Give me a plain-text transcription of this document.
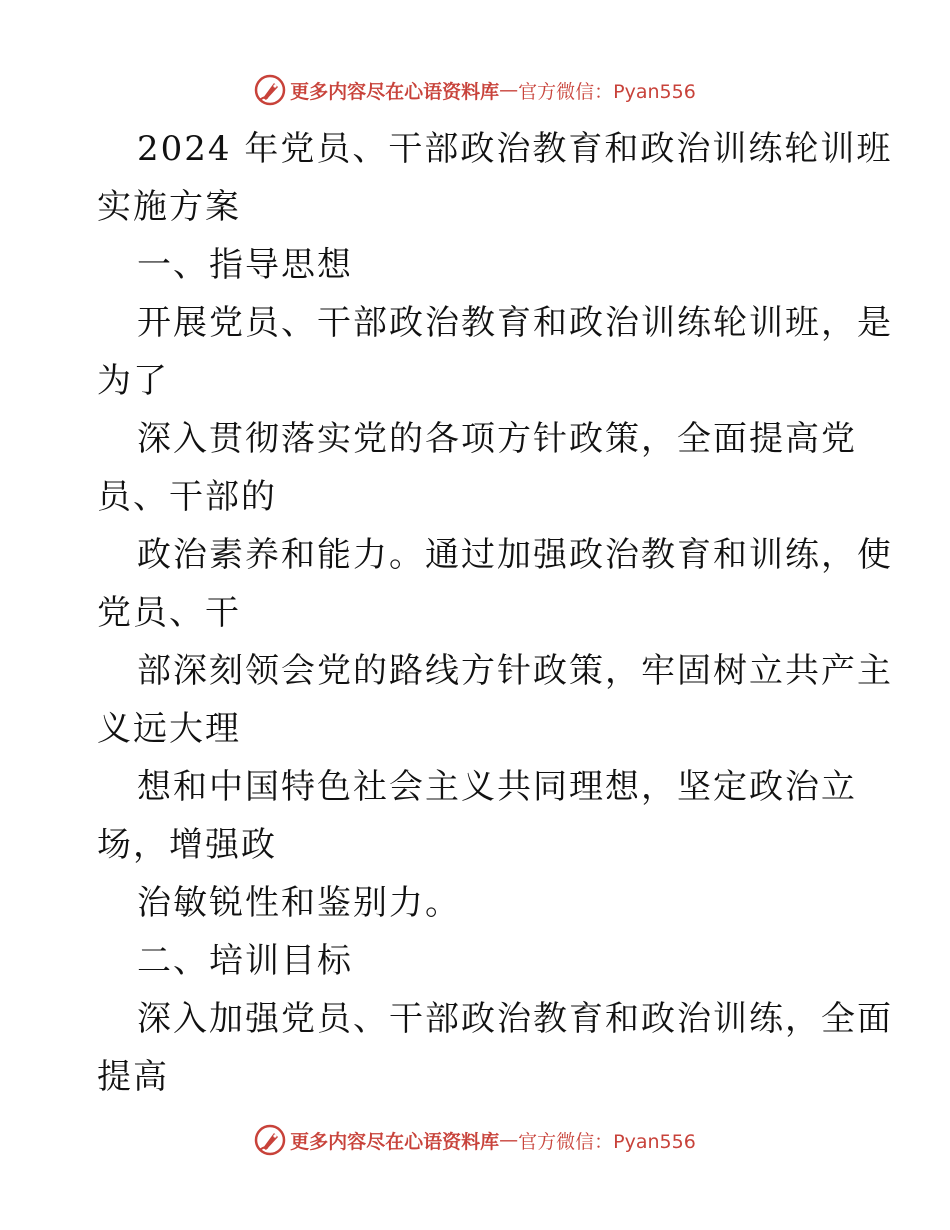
更多内容尽在心语资料库 — 官方微信：Pyan556
2024 年党员、干部政治教育和政治训练轮训班
实施方案
一、指导思想
开展党员、干部政治教育和政治训练轮训班，是
为了
深入贯彻落实党的各项方针政策，全面提高党
员、干部的
政治素养和能力。通过加强政治教育和训练，使
党员、干
部深刻领会党的路线方针政策，牢固树立共产主
义远大理
想和中国特色社会主义共同理想，坚定政治立
场，增强政
治敏锐性和鉴别力。
二、培训目标
深入加强党员、干部政治教育和政治训练，全面
提高
更多内容尽在心语资料库 — 官方微信：Pyan556
